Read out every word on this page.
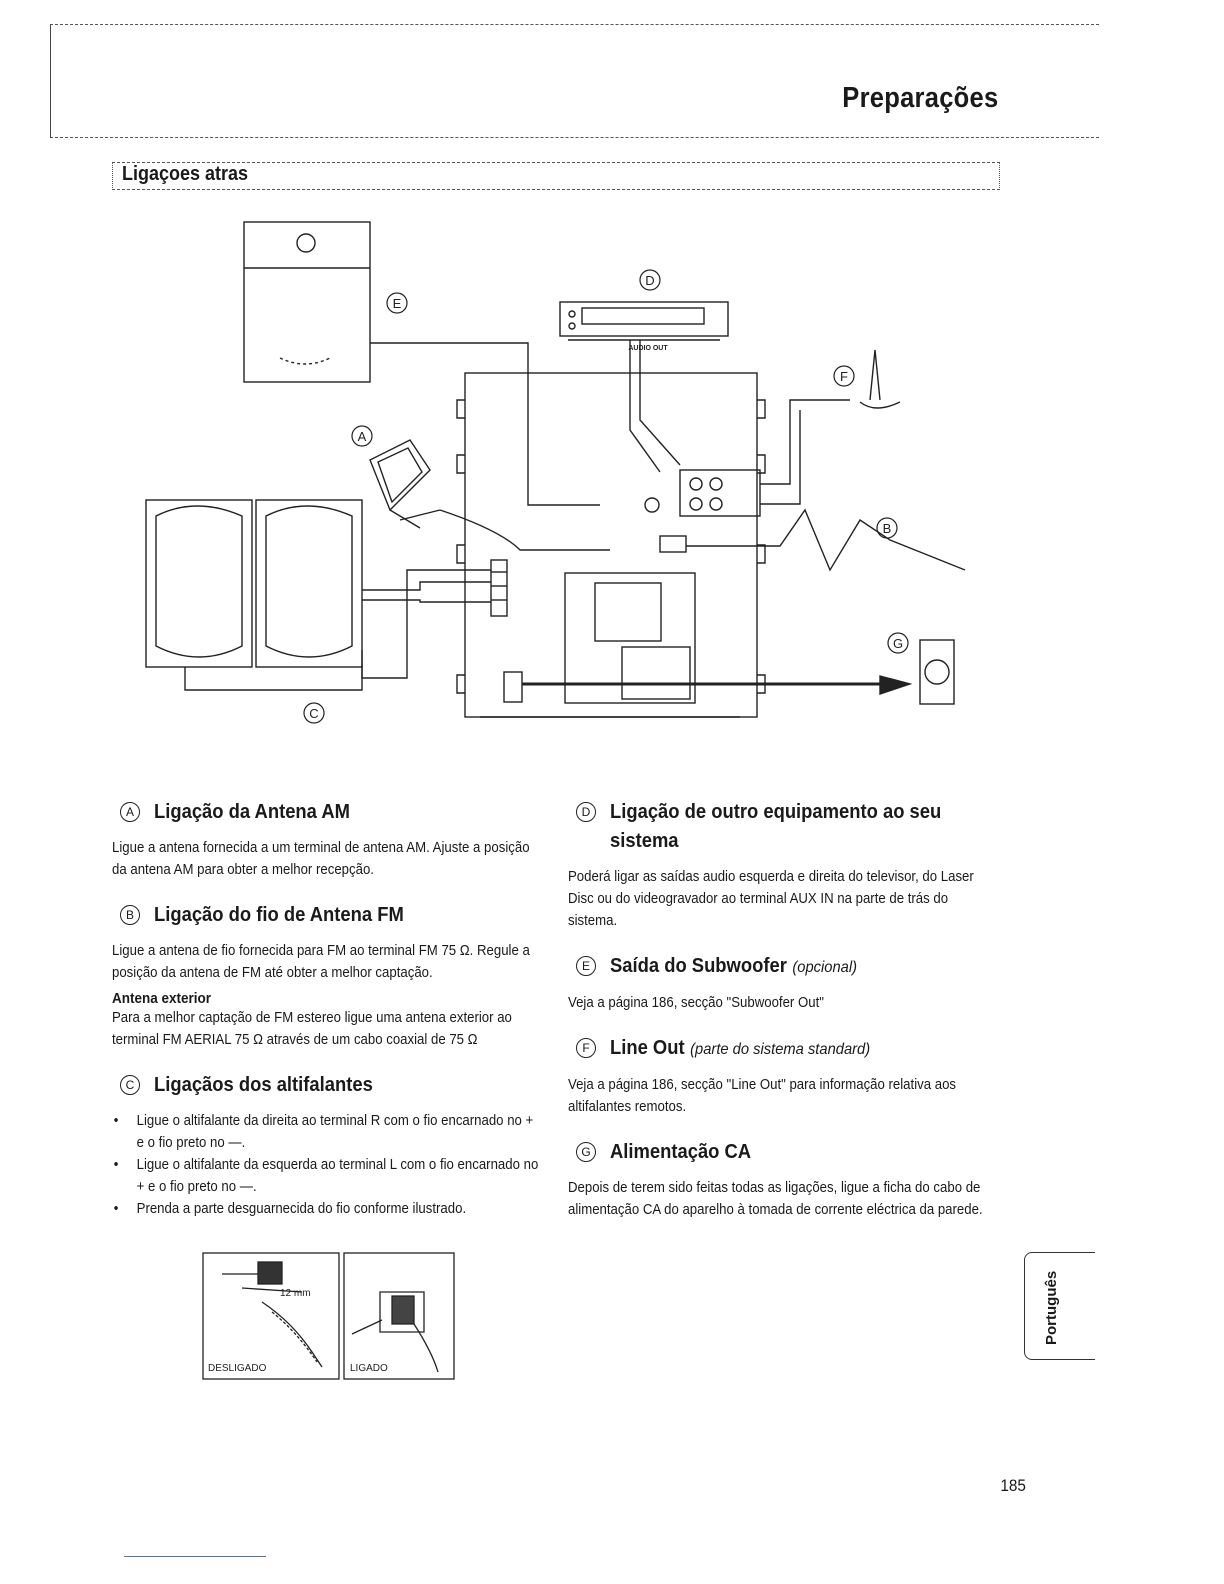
Preparações
Ligaçoes atras
E
D
F
A
B
G
C
AUDIO OUT
A	Ligação da Antena AM

Ligue a antena fornecida a um terminal de antena AM. Ajuste a posição da antena AM para obter a melhor recepção.

B	Ligação do fio de Antena FM

Ligue a antena de fio fornecida para FM ao terminal FM 75 Ω. Regule a posição da antena de FM até obter a melhor captação.

Antena exterior

Para a melhor captação de FM estereo ligue uma antena exterior ao terminal FM AERIAL 75 Ω através de um cabo coaxial de 75 Ω

C Ligaçãos dos altifalantes
• Ligue o altifalante da direita ao terminal R com o fio encarnado no + e o fio preto no —.
• Ligue o altifalante da esquerda ao terminal L com o fio encarnado no + e o fio preto no —.
• Prenda a parte desguarnecida do fio conforme ilustrado.
12 mm
DESLIGADO	LIGADO
D Ligação de outro equipamento ao seu sistema

Poderá ligar as saídas audio esquerda e direita do televisor, do Laser Disc ou do videogravador ao terminal AUX IN na parte de trás do sistema.

E	Saída do Subwoofer (opcional)

Veja a página 186, secção "Subwoofer Out"

F	Line Out (parte do sistema standard)

Veja a página 186, secção "Line Out" para informação relativa aos altifalantes remotos.

G Alimentação CA

Depois de terem sido feitas todas as ligações, ligue a ficha do cabo de alimentação CA do aparelho à tomada de corrente eléctrica da parede.

Português
185
